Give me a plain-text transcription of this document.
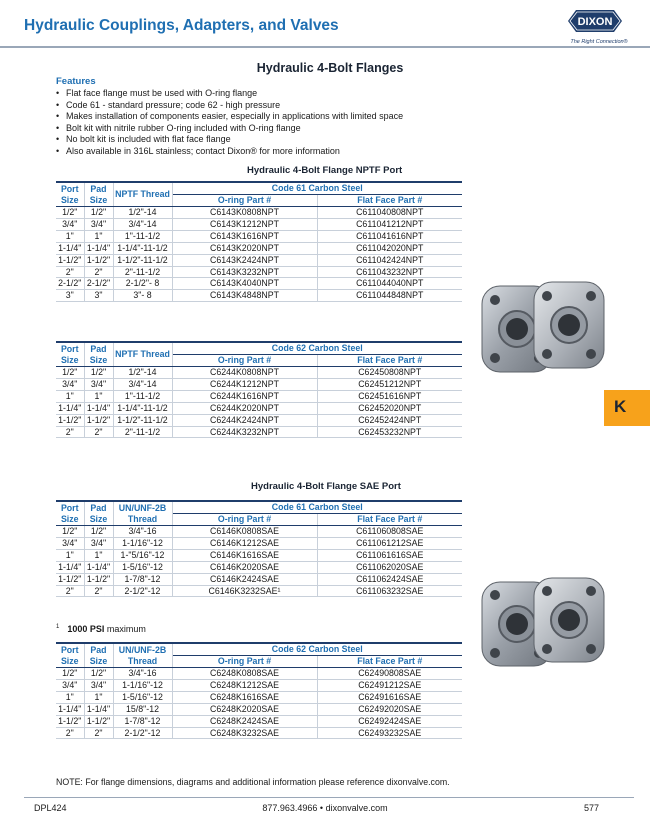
Hydraulic Couplings, Adapters, and Valves	DIXON
The Right Connection®
Hydraulic 4-Bolt Flanges
Features
• Flat face flange must be used with O-ring flange
• Code 61 - standard pressure; code 62 - high pressure
• Makes installation of components easier, especially in applications with limited space
• Bolt kit with nitrile rubber O-ring included with O-ring flange
• No bolt kit is included with flat face flange
• Also available in 316L stainless; contact Dixon® for more information
Hydraulic 4-Bolt Flange NPTF Port
Port Size	Pad Size	NPTF Thread	Code 61 Carbon Steel	
			O-ring Part #	Flat Face Part #
1/2"	1/2"	1/2"-14	C6143K0808NPT	C611040808NPT
3/4"	3/4"	3/4"-14	C6143K1212NPT	C611041212NPT
1"	1"	1"-11-1/2	C6143K1616NPT	C611041616NPT
1-1/4"	1-1/4"	1-1/4"-11-1/2	C6143K2020NPT	C611042020NPT
1-1/2"	1-1/2"	1-1/2"-11-1/2	C6143K2424NPT	C611042424NPT
2"	2"	2"-11-1/2	C6143K3232NPT	C611043232NPT
2-1/2"	2-1/2"	2-1/2"- 8	C6143K4040NPT	C611044040NPT
3"	3"	3"- 8	C6143K4848NPT	C611044848NPT
Port Size	Pad Size	NPTF Thread	Code 62 Carbon Steel	
			O-ring Part #	Flat Face Part #
1/2"	1/2"	1/2"-14	C6244K0808NPT	C62450808NPT
3/4"	3/4"	3/4"-14	C6244K1212NPT	C62451212NPT
1"	1"	1"-11-1/2	C6244K1616NPT	C62451616NPT
1-1/4"	1-1/4"	1-1/4"-11-1/2	C6244K2020NPT	C62452020NPT
1-1/2"	1-1/2"	1-1/2"-11-1/2	C6244K2424NPT	C62452424NPT
2"	2"	2"-11-1/2	C6244K3232NPT	C62453232NPT
Hydraulic 4-Bolt Flange SAE Port
Port Size	Pad Size	UN/UNF-2B Thread	Code 61 Carbon Steel	
			O-ring Part #	Flat Face Part #
1/2"	1/2"	3/4"-16	C6146K0808SAE	C611060808SAE
3/4"	3/4"	1-1/16"-12	C6146K1212SAE	C611061212SAE
1"	1"	1-"5/16"-12	C6146K1616SAE	C611061616SAE
1-1/4"	1-1/4"	1-5/16"-12	C6146K2020SAE	C611062020SAE
1-1/2"	1-1/2"	1-7/8"-12	C6146K2424SAE	C611062424SAE
2"	2"	2-1/2"-12	C6146K3232SAE¹	C611063232SAE
$^1$ 1000 PSI maximum
Port Size	Pad Size	UN/UNF-2B Thread	Code 62 Carbon Steel	
			O-ring Part #	Flat Face Part #
1/2"	1/2"	3/4"-16	C6248K0808SAE	C62490808SAE
3/4"	3/4"	1-1/16"-12	C6248K1212SAE	C62491212SAE
1"	1"	1-5/16"-12	C6248K1616SAE	C62491616SAE
1-1/4"	1-1/4"	15/8"-12	C6248K2020SAE	C62492020SAE
1-1/2"	1-1/2"	1-7/8"-12	C6248K2424SAE	C62492424SAE
2"	2"	2-1/2"-12	C6248K3232SAE	C62493232SAE
K
NOTE: For flange dimensions, diagrams and additional information please reference dixonvalve.com.
DPL424	877.963.4966 • dixonvalve.com	577
